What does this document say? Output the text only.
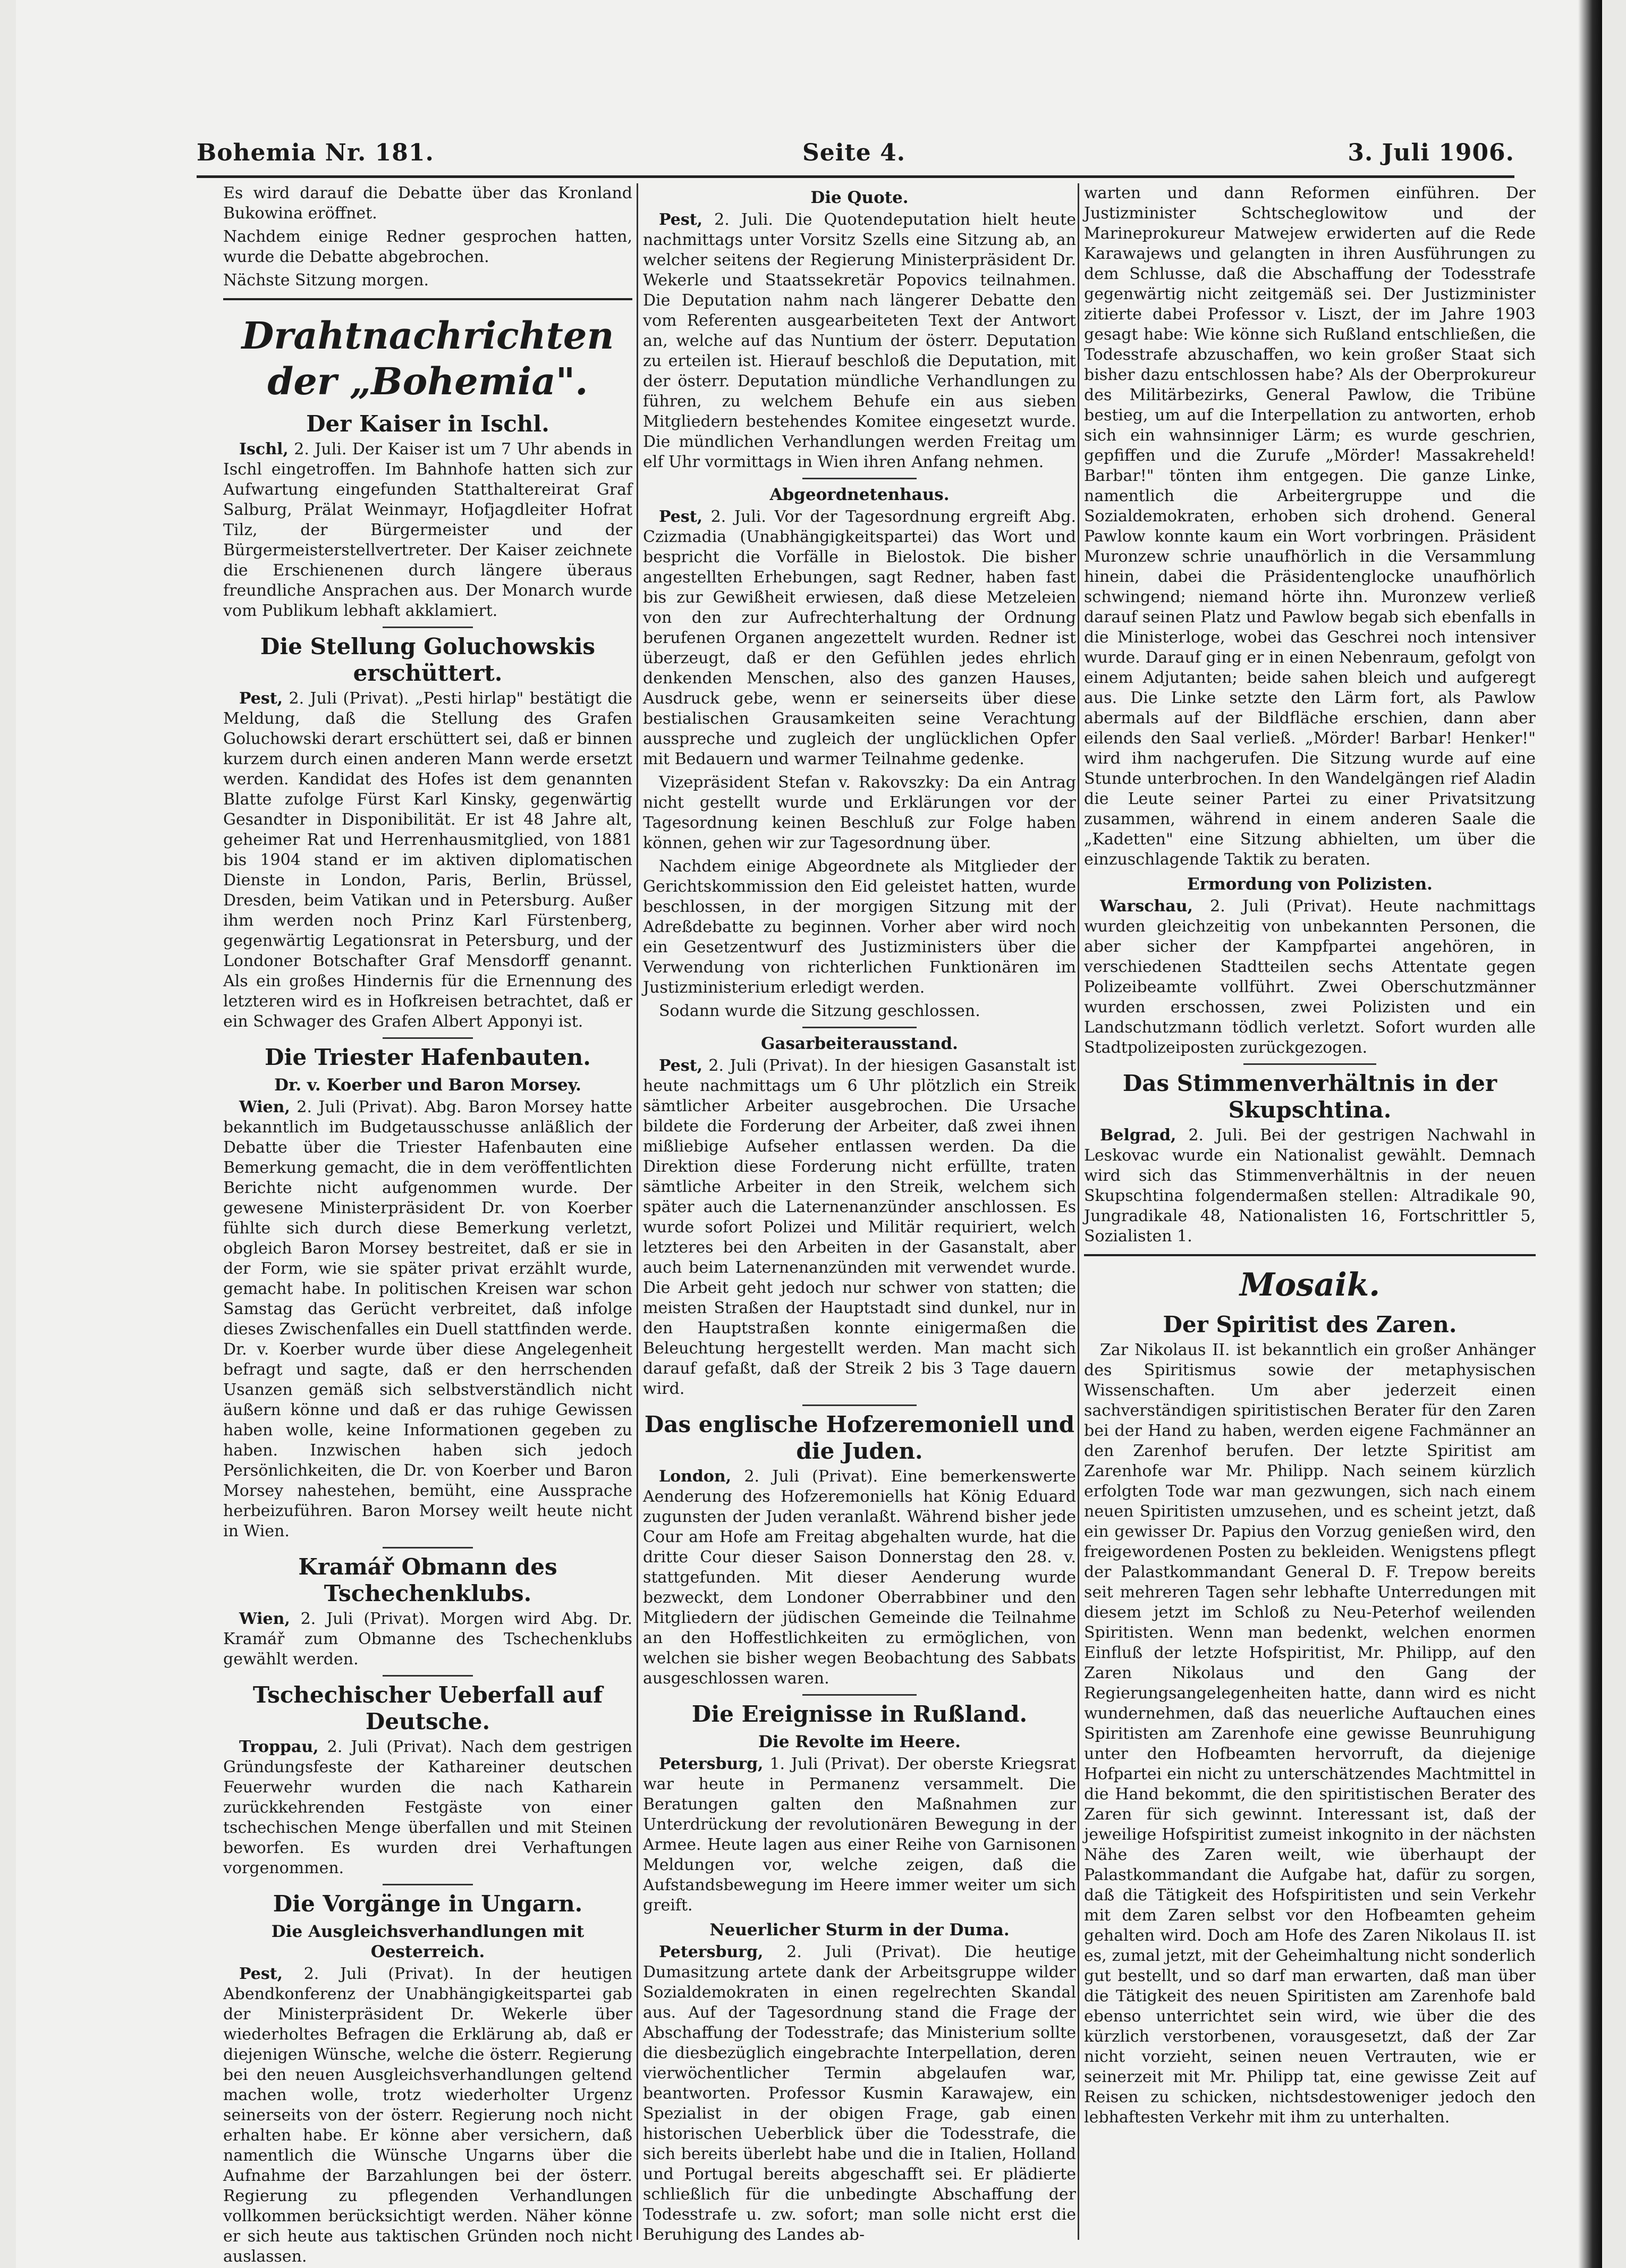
Bohemia Nr. 181.	Seite 4.	3. Juli 1906.

Es wird darauf die Debatte über das Kronland Bukowina eröffnet.

Nachdem einige Redner gesprochen hatten, wurde die Debatte abgebrochen.

Nächste Sitzung morgen.

Drahtnachrichten der „Bohemia".
Der Kaiser in Ischl.

Ischl, 2. Juli. Der Kaiser ist um 7 Uhr abends in Ischl eingetroffen. Im Bahnhofe hatten sich zur Aufwartung eingefunden Statthaltereirat Graf Salburg, Prälat Weinmayr, Hofjagdleiter Hofrat Tilz, der Bürgermeister und der Bürgermeisterstellvertreter. Der Kaiser zeichnete die Erschienenen durch längere überaus freundliche Ansprachen aus. Der Monarch wurde vom Publikum lebhaft akklamiert.

Die Stellung Goluchowskis erschüttert.

Pest, 2. Juli (Privat). „Pesti hirlap" bestätigt die Meldung, daß die Stellung des Grafen Goluchowski derart erschüttert sei, daß er binnen kurzem durch einen anderen Mann werde ersetzt werden. Kandidat des Hofes ist dem genannten Blatte zufolge Fürst Karl Kinsky, gegenwärtig Gesandter in Disponibilität. Er ist 48 Jahre alt, geheimer Rat und Herrenhausmitglied, von 1881 bis 1904 stand er im aktiven diplomatischen Dienste in London, Paris, Berlin, Brüssel, Dresden, beim Vatikan und in Petersburg. Außer ihm werden noch Prinz Karl Fürstenberg, gegenwärtig Legationsrat in Petersburg, und der Londoner Botschafter Graf Mensdorff genannt. Als ein großes Hindernis für die Ernennung des letzteren wird es in Hofkreisen betrachtet, daß er ein Schwager des Grafen Albert Apponyi ist.

Die Triester Hafenbauten.
Dr. v. Koerber und Baron Morsey.

Wien, 2. Juli (Privat). Abg. Baron Morsey hatte bekanntlich im Budgetausschusse anläßlich der Debatte über die Triester Hafenbauten eine Bemerkung gemacht, die in dem veröffentlichten Berichte nicht aufgenommen wurde. Der gewesene Ministerpräsident Dr. von Koerber fühlte sich durch diese Bemerkung verletzt, obgleich Baron Morsey bestreitet, daß er sie in der Form, wie sie später privat erzählt wurde, gemacht habe. In politischen Kreisen war schon Samstag das Gerücht verbreitet, daß infolge dieses Zwischenfalles ein Duell stattfinden werde. Dr. v. Koerber wurde über diese Angelegenheit befragt und sagte, daß er den herrschenden Usanzen gemäß sich selbstverständlich nicht äußern könne und daß er das ruhige Gewissen haben wolle, keine Informationen gegeben zu haben. Inzwischen haben sich jedoch Persönlichkeiten, die Dr. von Koerber und Baron Morsey nahestehen, bemüht, eine Aussprache herbeizuführen. Baron Morsey weilt heute nicht in Wien.

Kramář Obmann des Tschechenklubs.

Wien, 2. Juli (Privat). Morgen wird Abg. Dr. Kramář zum Obmanne des Tschechenklubs gewählt werden.

Tschechischer Ueberfall auf Deutsche.

Troppau, 2. Juli (Privat). Nach dem gestrigen Gründungsfeste der Kathareiner deutschen Feuerwehr wurden die nach Katharein zurückkehrenden Festgäste von einer tschechischen Menge überfallen und mit Steinen beworfen. Es wurden drei Verhaftungen vorgenommen.

Die Vorgänge in Ungarn.
Die Ausgleichsverhandlungen mit Oesterreich.

Pest, 2. Juli (Privat). In der heutigen Abendkonferenz der Unabhängigkeitspartei gab der Ministerpräsident Dr. Wekerle über wiederholtes Befragen die Erklärung ab, daß er diejenigen Wünsche, welche die österr. Regierung bei den neuen Ausgleichsverhandlungen geltend machen wolle, trotz wiederholter Urgenz seinerseits von der österr. Regierung noch nicht erhalten habe. Er könne aber versichern, daß namentlich die Wünsche Ungarns über die Aufnahme der Barzahlungen bei der österr. Regierung zu pflegenden Verhandlungen vollkommen berücksichtigt werden. Näher könne er sich heute aus taktischen Gründen noch nicht auslassen.

Die Quote.

Pest, 2. Juli. Die Quotendeputation hielt heute nachmittags unter Vorsitz Szells eine Sitzung ab, an welcher seitens der Regierung Ministerpräsident Dr. Wekerle und Staatssekretär Popovics teilnahmen. Die Deputation nahm nach längerer Debatte den vom Referenten ausgearbeiteten Text der Antwort an, welche auf das Nuntium der österr. Deputation zu erteilen ist. Hierauf beschloß die Deputation, mit der österr. Deputation mündliche Verhandlungen zu führen, zu welchem Behufe ein aus sieben Mitgliedern bestehendes Komitee eingesetzt wurde. Die mündlichen Verhandlungen werden Freitag um elf Uhr vormittags in Wien ihren Anfang nehmen.

Abgeordnetenhaus.

Pest, 2. Juli. Vor der Tagesordnung ergreift Abg. Czizmadia (Unabhängigkeitspartei) das Wort und bespricht die Vorfälle in Bielostok. Die bisher angestellten Erhebungen, sagt Redner, haben fast bis zur Gewißheit erwiesen, daß diese Metzeleien von den zur Aufrechterhaltung der Ordnung berufenen Organen angezettelt wurden. Redner ist überzeugt, daß er den Gefühlen jedes ehrlich denkenden Menschen, also des ganzen Hauses, Ausdruck gebe, wenn er seinerseits über diese bestialischen Grausamkeiten seine Verachtung ausspreche und zugleich der unglücklichen Opfer mit Bedauern und warmer Teilnahme gedenke.

Vizepräsident Stefan v. Rakovszky: Da ein Antrag nicht gestellt wurde und Erklärungen vor der Tagesordnung keinen Beschluß zur Folge haben können, gehen wir zur Tagesordnung über.

Nachdem einige Abgeordnete als Mitglieder der Gerichtskommission den Eid geleistet hatten, wurde beschlossen, in der morgigen Sitzung mit der Adreßdebatte zu beginnen. Vorher aber wird noch ein Gesetzentwurf des Justizministers über die Verwendung von richterlichen Funktionären im Justizministerium erledigt werden.

Sodann wurde die Sitzung geschlossen.

Gasarbeiterausstand.

Pest, 2. Juli (Privat). In der hiesigen Gasanstalt ist heute nachmittags um 6 Uhr plötzlich ein Streik sämtlicher Arbeiter ausgebrochen. Die Ursache bildete die Forderung der Arbeiter, daß zwei ihnen mißliebige Aufseher entlassen werden. Da die Direktion diese Forderung nicht erfüllte, traten sämtliche Arbeiter in den Streik, welchem sich später auch die Laternenanzünder anschlossen. Es wurde sofort Polizei und Militär requiriert, welch letzteres bei den Arbeiten in der Gasanstalt, aber auch beim Laternenanzünden mit verwendet wurde. Die Arbeit geht jedoch nur schwer von statten; die meisten Straßen der Hauptstadt sind dunkel, nur in den Hauptstraßen konnte einigermaßen die Beleuchtung hergestellt werden. Man macht sich darauf gefaßt, daß der Streik 2 bis 3 Tage dauern wird.

Das englische Hofzeremoniell und die Juden.

London, 2. Juli (Privat). Eine bemerkenswerte Aenderung des Hofzeremoniells hat König Eduard zugunsten der Juden veranlaßt. Während bisher jede Cour am Hofe am Freitag abgehalten wurde, hat die dritte Cour dieser Saison Donnerstag den 28. v. stattgefunden. Mit dieser Aenderung wurde bezweckt, dem Londoner Oberrabbiner und den Mitgliedern der jüdischen Gemeinde die Teilnahme an den Hoffestlichkeiten zu ermöglichen, von welchen sie bisher wegen Beobachtung des Sabbats ausgeschlossen waren.

Die Ereignisse in Rußland.
Die Revolte im Heere.

Petersburg, 1. Juli (Privat). Der oberste Kriegsrat war heute in Permanenz versammelt. Die Beratungen galten den Maßnahmen zur Unterdrückung der revolutionären Bewegung in der Armee. Heute lagen aus einer Reihe von Garnisonen Meldungen vor, welche zeigen, daß die Aufstandsbewegung im Heere immer weiter um sich greift.

Neuerlicher Sturm in der Duma.

Petersburg, 2. Juli (Privat). Die heutige Dumasitzung artete dank der Arbeitsgruppe wilder Sozialdemokraten in einen regelrechten Skandal aus. Auf der Tagesordnung stand die Frage der Abschaffung der Todesstrafe; das Ministerium sollte die diesbezüglich eingebrachte Interpellation, deren vierwöchentlicher Termin abgelaufen war, beantworten. Professor Kusmin Karawajew, ein Spezialist in der obigen Frage, gab einen historischen Ueberblick über die Todesstrafe, die sich bereits überlebt habe und die in Italien, Holland und Portugal bereits abgeschafft sei. Er plädierte schließlich für die unbedingte Abschaffung der Todesstrafe u. zw. sofort; man solle nicht erst die Beruhigung des Landes ab-

warten und dann Reformen einführen. Der Justizminister Schtscheglowitow und der Marineprokureur Matwejew erwiderten auf die Rede Karawajews und gelangten in ihren Ausführungen zu dem Schlusse, daß die Abschaffung der Todesstrafe gegenwärtig nicht zeitgemäß sei. Der Justizminister zitierte dabei Professor v. Liszt, der im Jahre 1903 gesagt habe: Wie könne sich Rußland entschließen, die Todesstrafe abzuschaffen, wo kein großer Staat sich bisher dazu entschlossen habe? Als der Oberprokureur des Militärbezirks, General Pawlow, die Tribüne bestieg, um auf die Interpellation zu antworten, erhob sich ein wahnsinniger Lärm; es wurde geschrien, gepfiffen und die Zurufe „Mörder! Massakreheld! Barbar!" tönten ihm entgegen. Die ganze Linke, namentlich die Arbeitergruppe und die Sozialdemokraten, erhoben sich drohend. General Pawlow konnte kaum ein Wort vorbringen. Präsident Muronzew schrie unaufhörlich in die Versammlung hinein, dabei die Präsidentenglocke unaufhörlich schwingend; niemand hörte ihn. Muronzew verließ darauf seinen Platz und Pawlow begab sich ebenfalls in die Ministerloge, wobei das Geschrei noch intensiver wurde. Darauf ging er in einen Nebenraum, gefolgt von einem Adjutanten; beide sahen bleich und aufgeregt aus. Die Linke setzte den Lärm fort, als Pawlow abermals auf der Bildfläche erschien, dann aber eilends den Saal verließ. „Mörder! Barbar! Henker!" wird ihm nachgerufen. Die Sitzung wurde auf eine Stunde unterbrochen. In den Wandelgängen rief Aladin die Leute seiner Partei zu einer Privatsitzung zusammen, während in einem anderen Saale die „Kadetten" eine Sitzung abhielten, um über die einzuschlagende Taktik zu beraten.

Ermordung von Polizisten.

Warschau, 2. Juli (Privat). Heute nachmittags wurden gleichzeitig von unbekannten Personen, die aber sicher der Kampfpartei angehören, in verschiedenen Stadtteilen sechs Attentate gegen Polizeibeamte vollführt. Zwei Oberschutzmänner wurden erschossen, zwei Polizisten und ein Landschutzmann tödlich verletzt. Sofort wurden alle Stadtpolizeiposten zurückgezogen.

Das Stimmenverhältnis in der Skupschtina.

Belgrad, 2. Juli. Bei der gestrigen Nachwahl in Leskovac wurde ein Nationalist gewählt. Demnach wird sich das Stimmenverhältnis in der neuen Skupschtina folgendermaßen stellen: Altradikale 90, Jungradikale 48, Nationalisten 16, Fortschrittler 5, Sozialisten 1.

Mosaik.
Der Spiritist des Zaren.

Zar Nikolaus II. ist bekanntlich ein großer Anhänger des Spiritismus sowie der metaphysischen Wissenschaften. Um aber jederzeit einen sachverständigen spiritistischen Berater für den Zaren bei der Hand zu haben, werden eigene Fachmänner an den Zarenhof berufen. Der letzte Spiritist am Zarenhofe war Mr. Philipp. Nach seinem kürzlich erfolgten Tode war man gezwungen, sich nach einem neuen Spiritisten umzusehen, und es scheint jetzt, daß ein gewisser Dr. Papius den Vorzug genießen wird, den freigewordenen Posten zu bekleiden. Wenigstens pflegt der Palastkommandant General D. F. Trepow bereits seit mehreren Tagen sehr lebhafte Unterredungen mit diesem jetzt im Schloß zu Neu-Peterhof weilenden Spiritisten. Wenn man bedenkt, welchen enormen Einfluß der letzte Hofspiritist, Mr. Philipp, auf den Zaren Nikolaus und den Gang der Regierungsangelegenheiten hatte, dann wird es nicht wundernehmen, daß das neuerliche Auftauchen eines Spiritisten am Zarenhofe eine gewisse Beunruhigung unter den Hofbeamten hervorruft, da diejenige Hofpartei ein nicht zu unterschätzendes Machtmittel in die Hand bekommt, die den spiritistischen Berater des Zaren für sich gewinnt. Interessant ist, daß der jeweilige Hofspiritist zumeist inkognito in der nächsten Nähe des Zaren weilt, wie überhaupt der Palastkommandant die Aufgabe hat, dafür zu sorgen, daß die Tätigkeit des Hofspiritisten und sein Verkehr mit dem Zaren selbst vor den Hofbeamten geheim gehalten wird. Doch am Hofe des Zaren Nikolaus II. ist es, zumal jetzt, mit der Geheimhaltung nicht sonderlich gut bestellt, und so darf man erwarten, daß man über die Tätigkeit des neuen Spiritisten am Zarenhofe bald ebenso unterrichtet sein wird, wie über die des kürzlich verstorbenen, vorausgesetzt, daß der Zar nicht vorzieht, seinen neuen Vertrauten, wie er seinerzeit mit Mr. Philipp tat, eine gewisse Zeit auf Reisen zu schicken, nichtsdestoweniger jedoch den lebhaftesten Verkehr mit ihm zu unterhalten.
